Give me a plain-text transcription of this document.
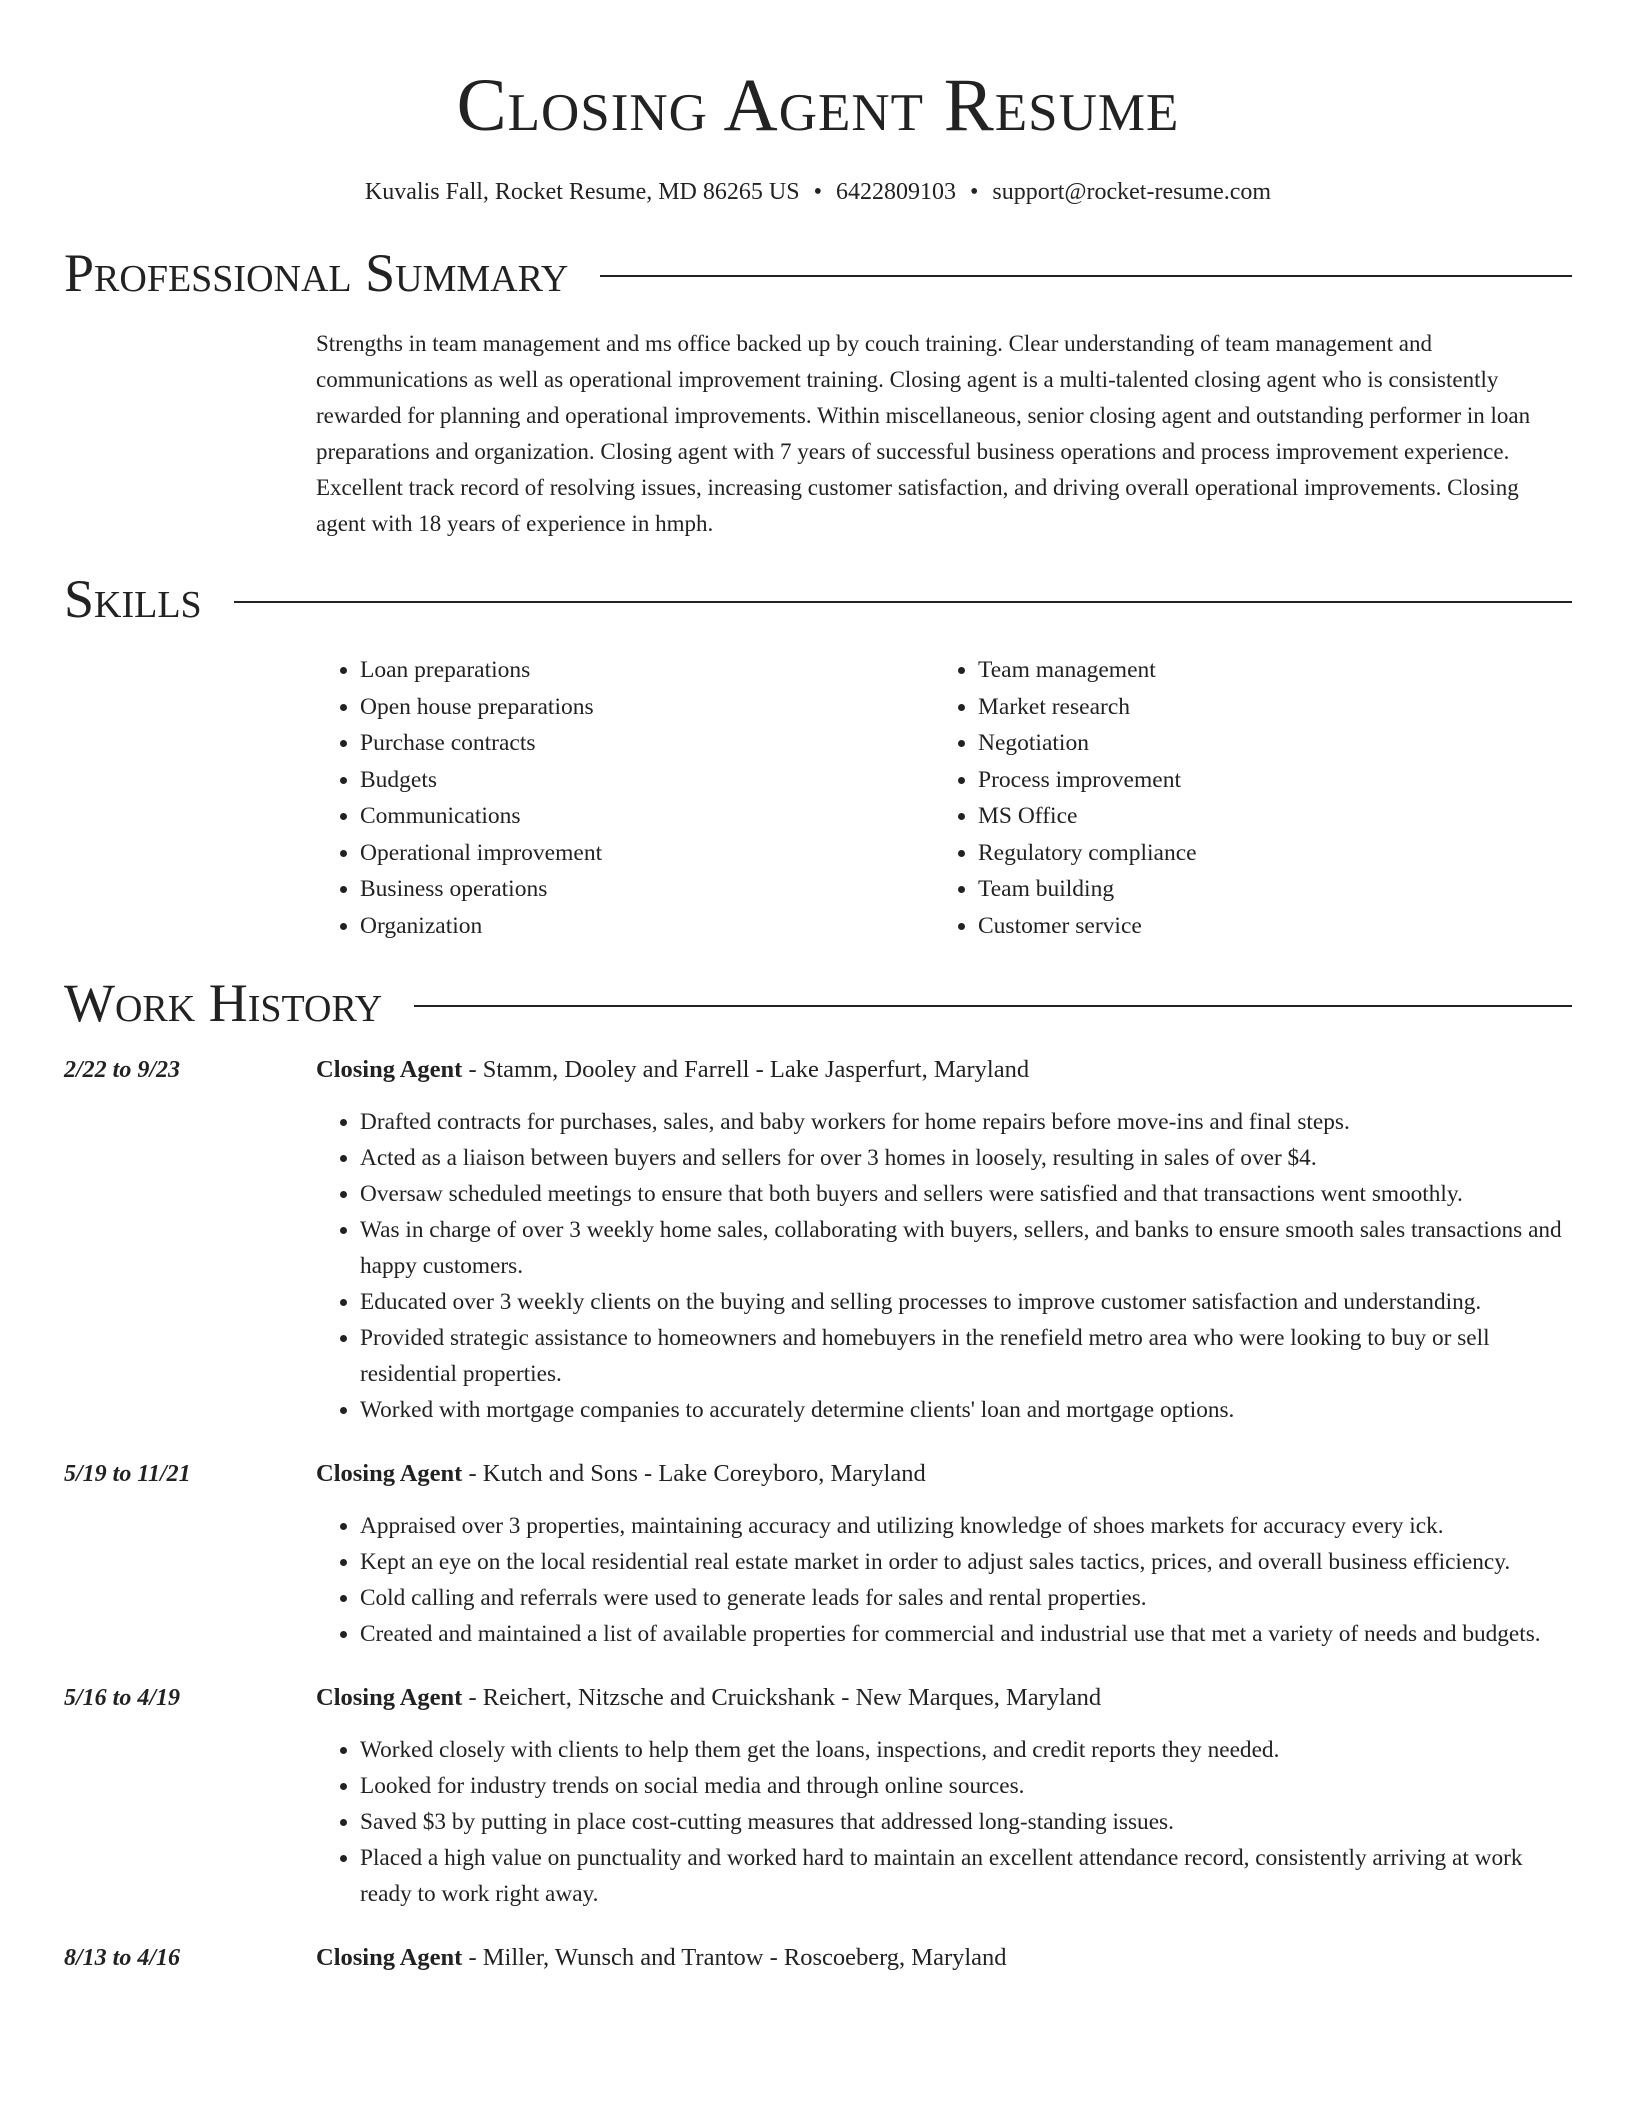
Closing Agent Resume
Kuvalis Fall, Rocket Resume, MD 86265 US • 6422809103 • support@rocket-resume.com
Professional Summary
Strengths in team management and ms office backed up by couch training. Clear understanding of team management and communications as well as operational improvement training. Closing agent is a multi-talented closing agent who is consistently rewarded for planning and operational improvements. Within miscellaneous, senior closing agent and outstanding performer in loan preparations and organization. Closing agent with 7 years of successful business operations and process improvement experience. Excellent track record of resolving issues, increasing customer satisfaction, and driving overall operational improvements. Closing agent with 18 years of experience in hmph.
Skills
• Loan preparations
• Open house preparations
• Purchase contracts
• Budgets
• Communications
• Operational improvement
• Business operations
• Organization
• Team management
• Market research
• Negotiation
• Process improvement
• MS Office
• Regulatory compliance
• Team building
• Customer service
Work History
2/22 to 9/23	Closing Agent - Stamm, Dooley and Farrell - Lake Jasperfurt, Maryland
• Drafted contracts for purchases, sales, and baby workers for home repairs before move-ins and final steps.
• Acted as a liaison between buyers and sellers for over 3 homes in loosely, resulting in sales of over $4.
• Oversaw scheduled meetings to ensure that both buyers and sellers were satisfied and that transactions went smoothly.
• Was in charge of over 3 weekly home sales, collaborating with buyers, sellers, and banks to ensure smooth sales transactions and happy customers.
• Educated over 3 weekly clients on the buying and selling processes to improve customer satisfaction and understanding.
• Provided strategic assistance to homeowners and homebuyers in the renefield metro area who were looking to buy or sell residential properties.
• Worked with mortgage companies to accurately determine clients' loan and mortgage options.
5/19 to 11/21	Closing Agent - Kutch and Sons - Lake Coreyboro, Maryland
• Appraised over 3 properties, maintaining accuracy and utilizing knowledge of shoes markets for accuracy every ick.
• Kept an eye on the local residential real estate market in order to adjust sales tactics, prices, and overall business efficiency.
• Cold calling and referrals were used to generate leads for sales and rental properties.
• Created and maintained a list of available properties for commercial and industrial use that met a variety of needs and budgets.
5/16 to 4/19	Closing Agent - Reichert, Nitzsche and Cruickshank - New Marques, Maryland
• Worked closely with clients to help them get the loans, inspections, and credit reports they needed.
• Looked for industry trends on social media and through online sources.
• Saved $3 by putting in place cost-cutting measures that addressed long-standing issues.
• Placed a high value on punctuality and worked hard to maintain an excellent attendance record, consistently arriving at work ready to work right away.
8/13 to 4/16	Closing Agent - Miller, Wunsch and Trantow - Roscoeberg, Maryland
